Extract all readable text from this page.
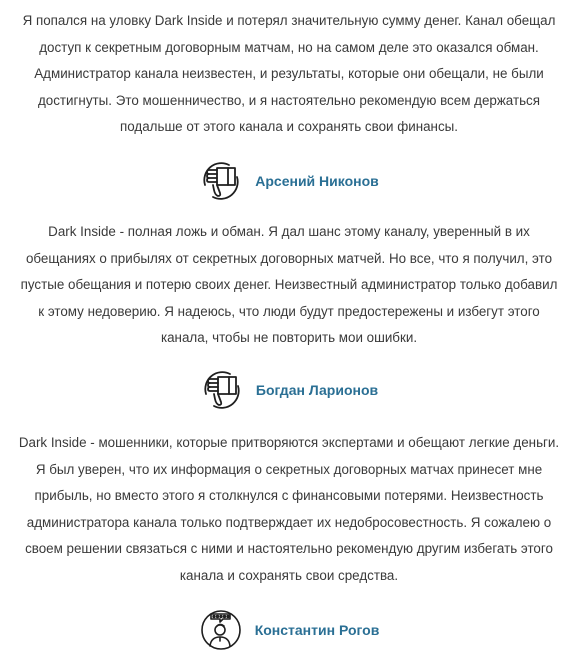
Я попался на уловку Dark Inside и потерял значительную сумму денег. Канал обещал доступ к секретным договорным матчам, но на самом деле это оказался обман. Администратор канала неизвестен, и результаты, которые они обещали, не были достигнуты. Это мошенничество, и я настоятельно рекомендую всем держаться подальше от этого канала и сохранять свои финансы.

Арсений Никонов

Dark Inside - полная ложь и обман. Я дал шанс этому каналу, уверенный в их обещаниях о прибылях от секретных договорных матчей. Но все, что я получил, это пустые обещания и потерю своих денег. Неизвестный администратор только добавил к этому недоверию. Я надеюсь, что люди будут предостережены и избегут этого канала, чтобы не повторить мои ошибки.

Богдан Ларионов

Dark Inside - мошенники, которые притворяются экспертами и обещают легкие деньги. Я был уверен, что их информация о секретных договорных матчах принесет мне прибыль, но вместо этого я столкнулся с финансовыми потерями. Неизвестность администратора канала только подтверждает их недобросовестность. Я сожалею о своем решении связаться с ними и настоятельно рекомендую другим избегать этого канала и сохранять свои средства.

Константин Рогов
